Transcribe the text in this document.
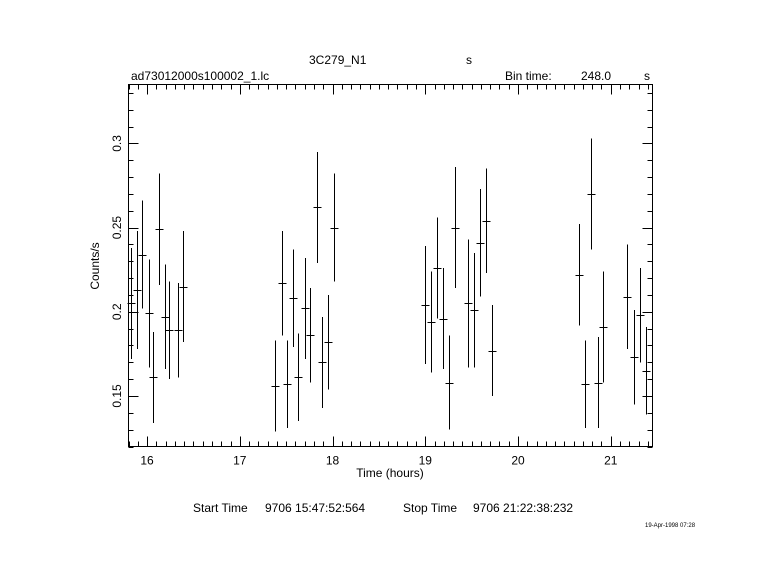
3C279_N1	s
ad73012000s100002_1.lc	Bin time: 248.0	s
16	17	18	19	20	21
0.15
0.2
0.25
0.3
Time (hours)
Counts/s
Start Time 9706 15:47:52:564	Stop Time 9706 21:22:38:232
19-Apr-1998 07:28
